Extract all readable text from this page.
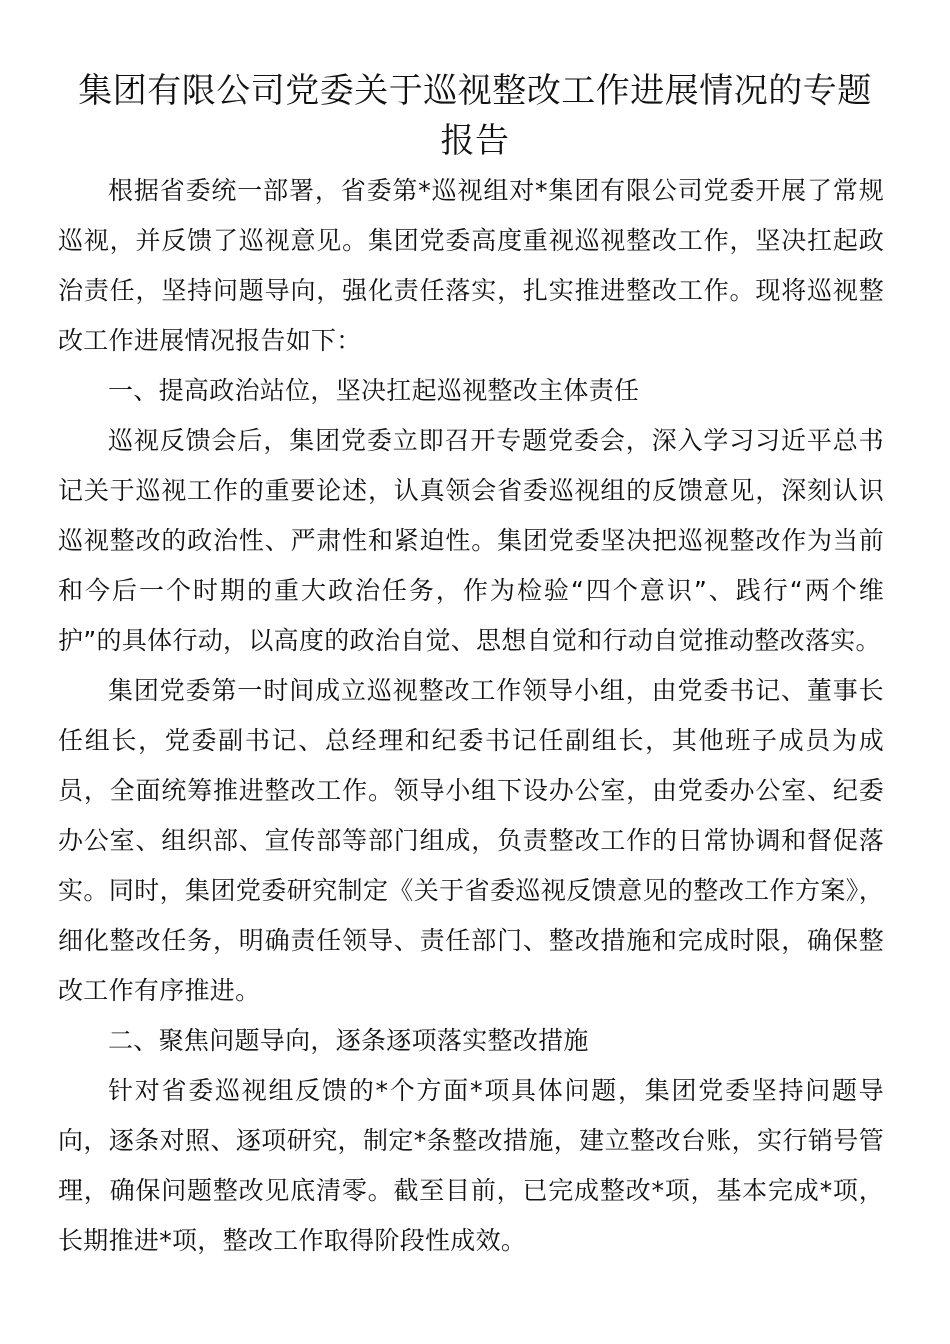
集团有限公司党委关于巡视整改工作进展情况的专题报告

根据省委统一部署，省委第*巡视组对*集团有限公司党委开展了常规巡视，并反馈了巡视意见。集团党委高度重视巡视整改工作，坚决扛起政治责任，坚持问题导向，强化责任落实，扎实推进整改工作。现将巡视整改工作进展情况报告如下：

一、提高政治站位，坚决扛起巡视整改主体责任

巡视反馈会后，集团党委立即召开专题党委会，深入学习习近平总书记关于巡视工作的重要论述，认真领会省委巡视组的反馈意见，深刻认识巡视整改的政治性、严肃性和紧迫性。集团党委坚决把巡视整改作为当前和今后一个时期的重大政治任务，作为检验“四个意识”、践行“两个维护”的具体行动，以高度的政治自觉、思想自觉和行动自觉推动整改落实。

集团党委第一时间成立巡视整改工作领导小组，由党委书记、董事长任组长，党委副书记、总经理和纪委书记任副组长，其他班子成员为成员，全面统筹推进整改工作。领导小组下设办公室，由党委办公室、纪委办公室、组织部、宣传部等部门组成，负责整改工作的日常协调和督促落实。同时，集团党委研究制定《关于省委巡视反馈意见的整改工作方案》，细化整改任务，明确责任领导、责任部门、整改措施和完成时限，确保整改工作有序推进。

二、聚焦问题导向，逐条逐项落实整改措施

针对省委巡视组反馈的*个方面*项具体问题，集团党委坚持问题导向，逐条对照、逐项研究，制定*条整改措施，建立整改台账，实行销号管理，确保问题整改见底清零。截至目前，已完成整改*项，基本完成*项，长期推进*项，整改工作取得阶段性成效。
